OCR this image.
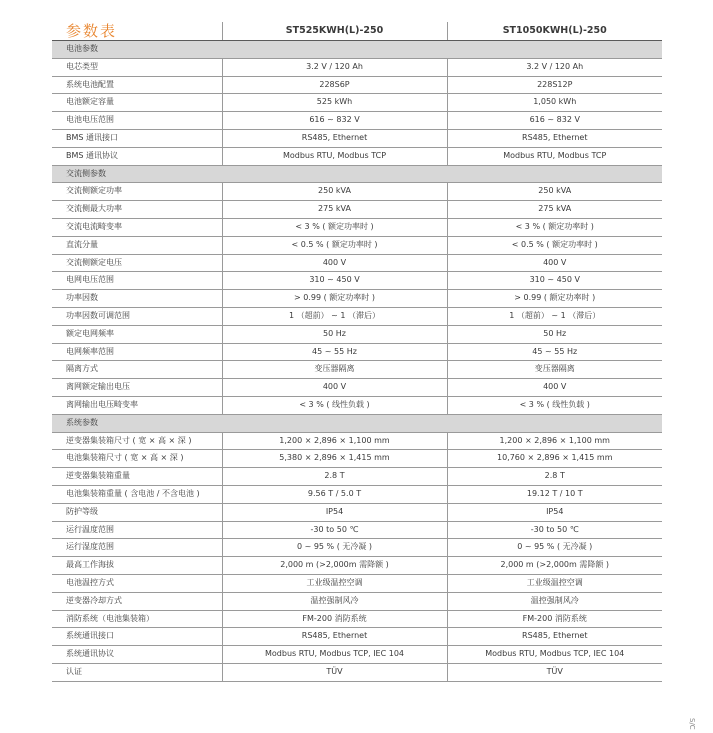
参数表	ST525KWH(L)-250	ST1050KWH(L)-250
电池参数		
电芯类型	3.2 V / 120 Ah	3.2 V / 120 Ah
系统电池配置	228S6P	228S12P
电池额定容量	525 kWh	1,050 kWh
电池电压范围	616 ~ 832 V	616 ~ 832 V
BMS 通讯接口	RS485, Ethernet	RS485, Ethernet
BMS 通讯协议	Modbus RTU, Modbus TCP	Modbus RTU, Modbus TCP
交流侧参数		
交流侧额定功率	250 kVA	250 kVA
交流侧最大功率	275 kVA	275 kVA
交流电流畸变率	< 3 % ( 额定功率时 )	< 3 % ( 额定功率时 )
直流分量	< 0.5 % ( 额定功率时 )	< 0.5 % ( 额定功率时 )
交流侧额定电压	400 V	400 V
电网电压范围	310 ~ 450 V	310 ~ 450 V
功率因数	> 0.99 ( 额定功率时 )	> 0.99 ( 额定功率时 )
功率因数可调范围	1 （超前） ~ 1 （滞后）	1 （超前） ~ 1 （滞后）
额定电网频率	50 Hz	50 Hz
电网频率范围	45 ~ 55 Hz	45 ~ 55 Hz
隔离方式	变压器隔离	变压器隔离
离网额定输出电压	400 V	400 V
离网输出电压畸变率	< 3 % ( 线性负载 )	< 3 % ( 线性负载 )
系统参数		
逆变器集装箱尺寸 ( 宽 × 高 × 深 )	1,200 × 2,896 × 1,100 mm	1,200 × 2,896 × 1,100 mm
电池集装箱尺寸 ( 宽 × 高 × 深 )	5,380 × 2,896 × 1,415 mm	10,760 × 2,896 × 1,415 mm
逆变器集装箱重量	2.8 T	2.8 T
电池集装箱重量 ( 含电池 / 不含电池 )	9.56 T / 5.0 T	19.12 T / 10 T
防护等级	IP54	IP54
运行温度范围	-30 to 50 ℃	-30 to 50 ℃
运行湿度范围	0 ~ 95 % ( 无冷凝 )	0 ~ 95 % ( 无冷凝 )
最高工作海拔	2,000 m (>2,000m 需降额 )	2,000 m (>2,000m 需降额 )
电池温控方式	工业级温控空调	工业级温控空调
逆变器冷却方式	温控强制风冷	温控强制风冷
消防系统（电池集装箱）	FM-200 消防系统	FM-200 消防系统
系统通讯接口	RS485, Ethernet	RS485, Ethernet
系统通讯协议	Modbus RTU, Modbus TCP, IEC 104	Modbus RTU, Modbus TCP, IEC 104
认证	TÜV	TÜV
S/C
